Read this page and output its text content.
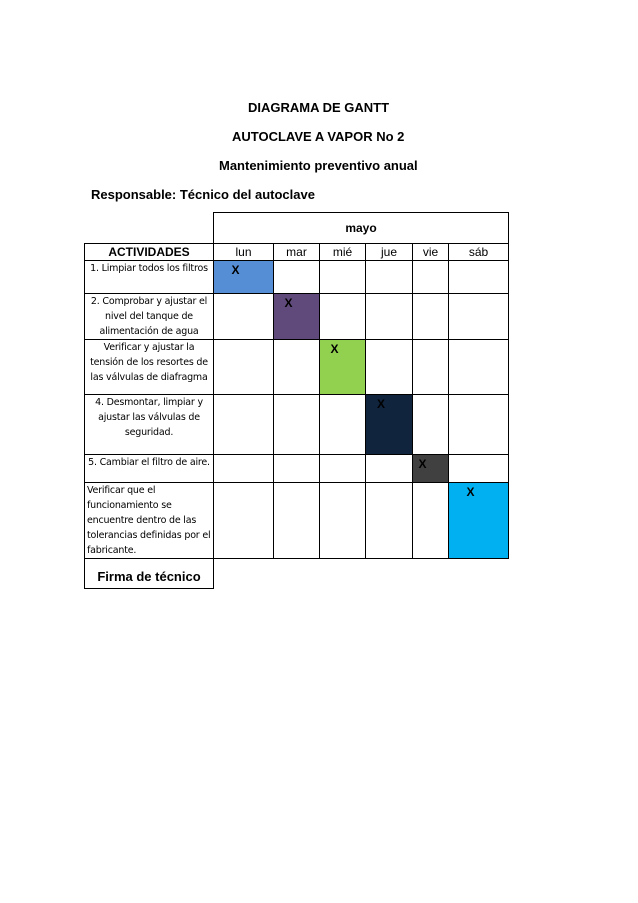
DIAGRAMA DE GANTT
AUTOCLAVE A VAPOR No 2
Mantenimiento preventivo anual
Responsable: Técnico del autoclave
	mayo					
ACTIVIDADES	lun	mar	mié	jue	vie	sáb
1. Limpiar todos los filtros	X					

2. Comprobar y ajustar el nivel del tanque de alimentación de agua		X				

Verificar y ajustar la tensión de los resortes de las válvulas de diafragma			X			

4. Desmontar, limpiar y ajustar las válvulas de seguridad.				X		

5. Cambiar el filtro de aire.					X	

Verificar que el funcionamiento se encuentre dentro de las tolerancias definidas por el fabricante.						X

Firma de técnico						
